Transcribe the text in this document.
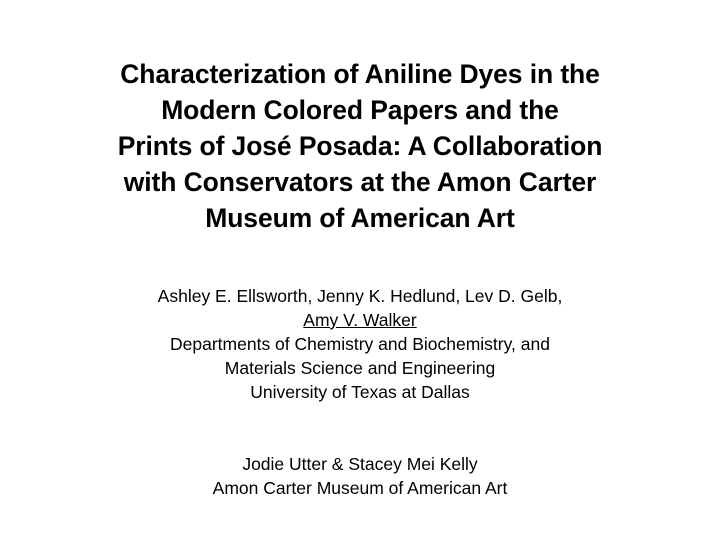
Characterization of Aniline Dyes in the
Modern Colored Papers and the
Prints of José Posada: A Collaboration
with Conservators at the Amon Carter
Museum of American Art
Ashley E. Ellsworth, Jenny K. Hedlund, Lev D. Gelb,
Amy V. Walker
Departments of Chemistry and Biochemistry, and
Materials Science and Engineering
University of Texas at Dallas
Jodie Utter & Stacey Mei Kelly
Amon Carter Museum of American Art
